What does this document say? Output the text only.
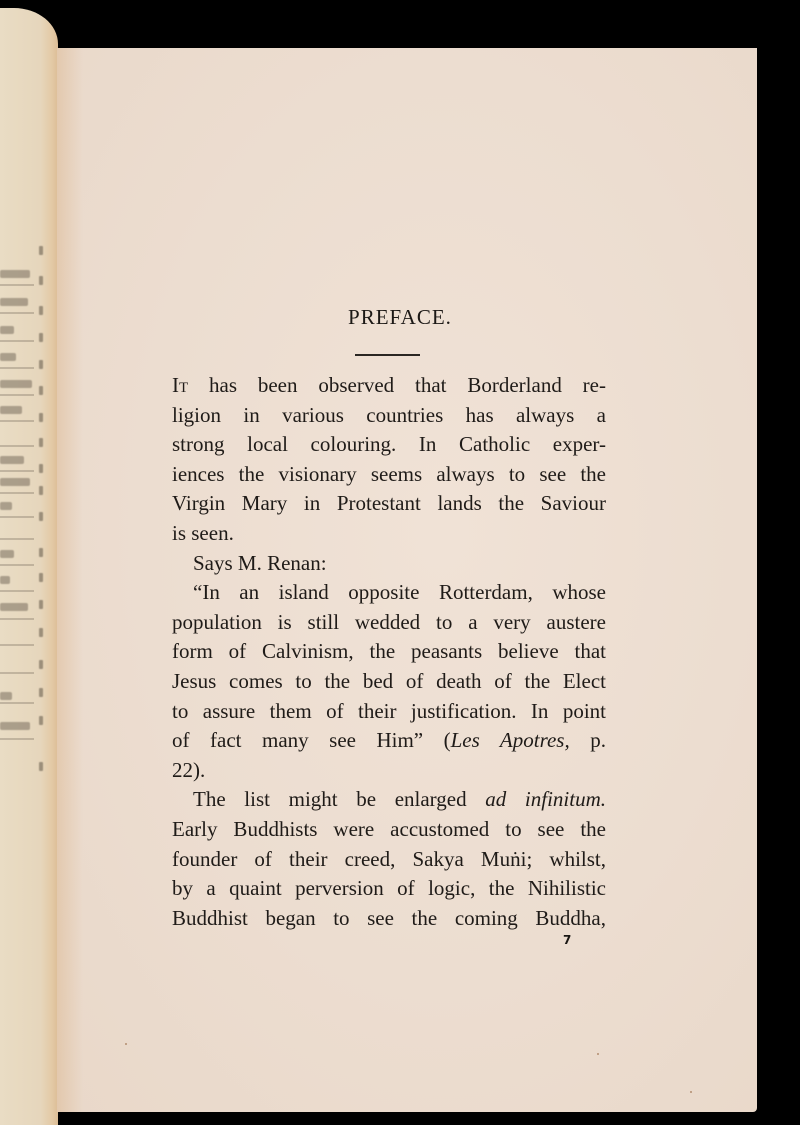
PREFACE.
It has been observed that Borderland re-
ligion in various countries has always a
strong local colouring. In Catholic exper-
iences the visionary seems always to see the
Virgin Mary in Protestant lands the Saviour
is seen.
Says M. Renan:
“In an island opposite Rotterdam, whose
population is still wedded to a very austere
form of Calvinism, the peasants believe that
Jesus comes to the bed of death of the Elect
to assure them of their justification. In point
of fact many see Him” (Les Apotres, p.
22).
The list might be enlarged ad infinitum.
Early Buddhists were accustomed to see the
founder of their creed, Sakya Muṅi; whilst,
by a quaint perversion of logic, the Nihilistic
Buddhist began to see the coming Buddha,
7
